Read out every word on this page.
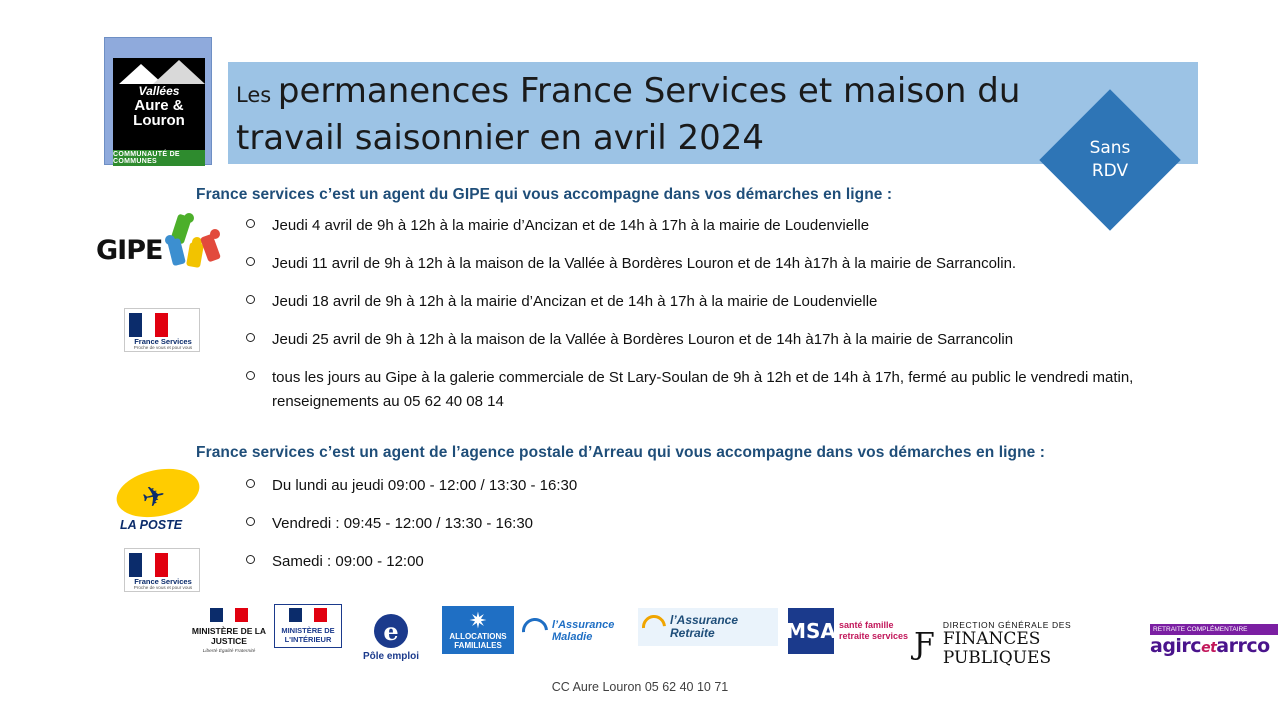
Vallées
Aure &
Louron
COMMUNAUTÉ DE COMMUNES
Les permanences France Services et maison du travail saisonnier en avril 2024	Sans
RDV
GIPE
France Services
Proche de vous et pour vous
France services c’est un agent du GIPE qui vous accompagne dans vos démarches en ligne :
Jeudi 4 avril de 9h à 12h à la mairie d’Ancizan et de 14h à 17h à la mairie de Loudenvielle
Jeudi 11 avril de 9h à 12h à la maison de la Vallée à Bordères Louron et de 14h à17h à la mairie de Sarrancolin.
Jeudi 18 avril de 9h à 12h à la mairie d’Ancizan et de 14h à 17h à la mairie de Loudenvielle
Jeudi 25 avril de 9h à 12h à la maison de la Vallée à Bordères Louron et de 14h à17h à la mairie de Sarrancolin
tous les jours au Gipe à la galerie commerciale de St Lary-Soulan de 9h à 12h et de 14h à 17h, fermé au public le vendredi matin, renseignements au 05 62 40 08 14
✈
LA POSTE
France Services
Proche de vous et pour vous
France services c’est un agent de l’agence postale d’Arreau qui vous accompagne dans vos démarches en ligne :
Du lundi au jeudi 09:00 - 12:00 / 13:30 - 16:30
Vendredi : 09:45 - 12:00 / 13:30 - 16:30
Samedi : 09:00 - 12:00
MINISTÈRE DE LA JUSTICE
Liberté Égalité Fraternité
MINISTÈRE DE L'INTÉRIEUR	e
Pôle emploi
✷
ALLOCATIONS FAMILIALES
l’Assurance
Maladie
l’Assurance
Retraite	MSA santé famille retraite services Ƒ
DIRECTION GÉNÉRALE DES
FINANCES PUBLIQUES
RETRAITE COMPLÉMENTAIRE
agircetarrco
CC Aure Louron 05 62 40 10 71
